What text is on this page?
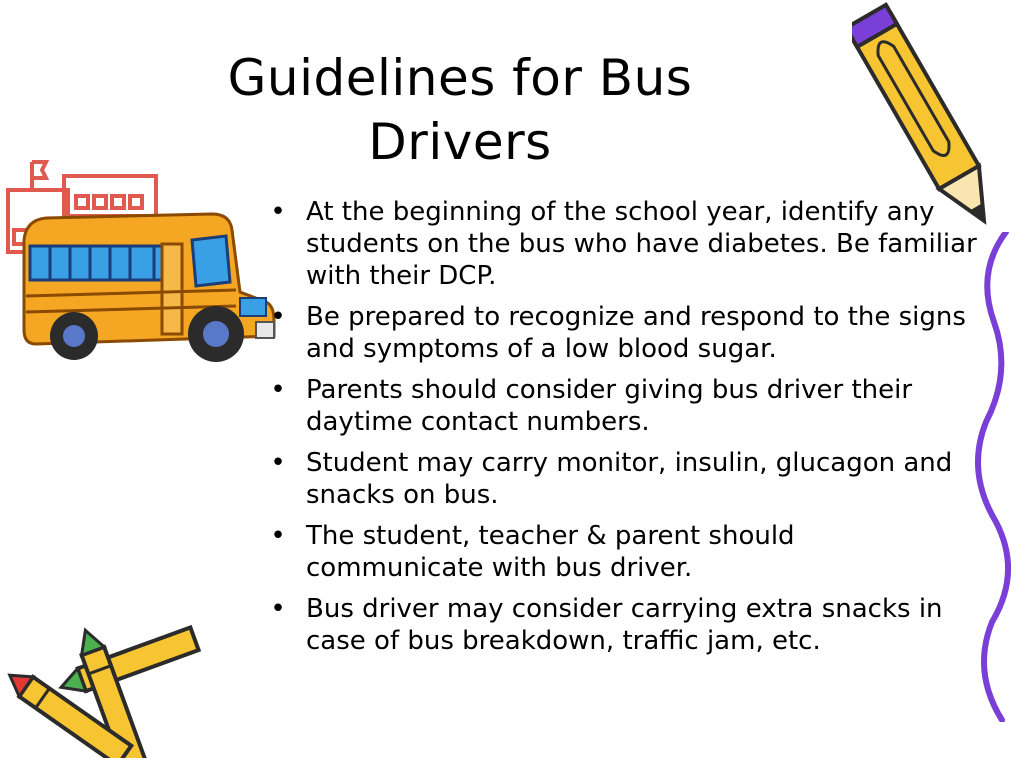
Guidelines for Bus Drivers
• At the beginning of the school year, identify any students on the bus who have diabetes. Be familiar with their DCP.
• Be prepared to recognize and respond to the signs and symptoms of a low blood sugar.
• Parents should consider giving bus driver their daytime contact numbers.
• Student may carry monitor, insulin, glucagon and snacks on bus.
• The student, teacher & parent should communicate with bus driver.
• Bus driver may consider carrying extra snacks in case of bus breakdown, traffic jam, etc.
